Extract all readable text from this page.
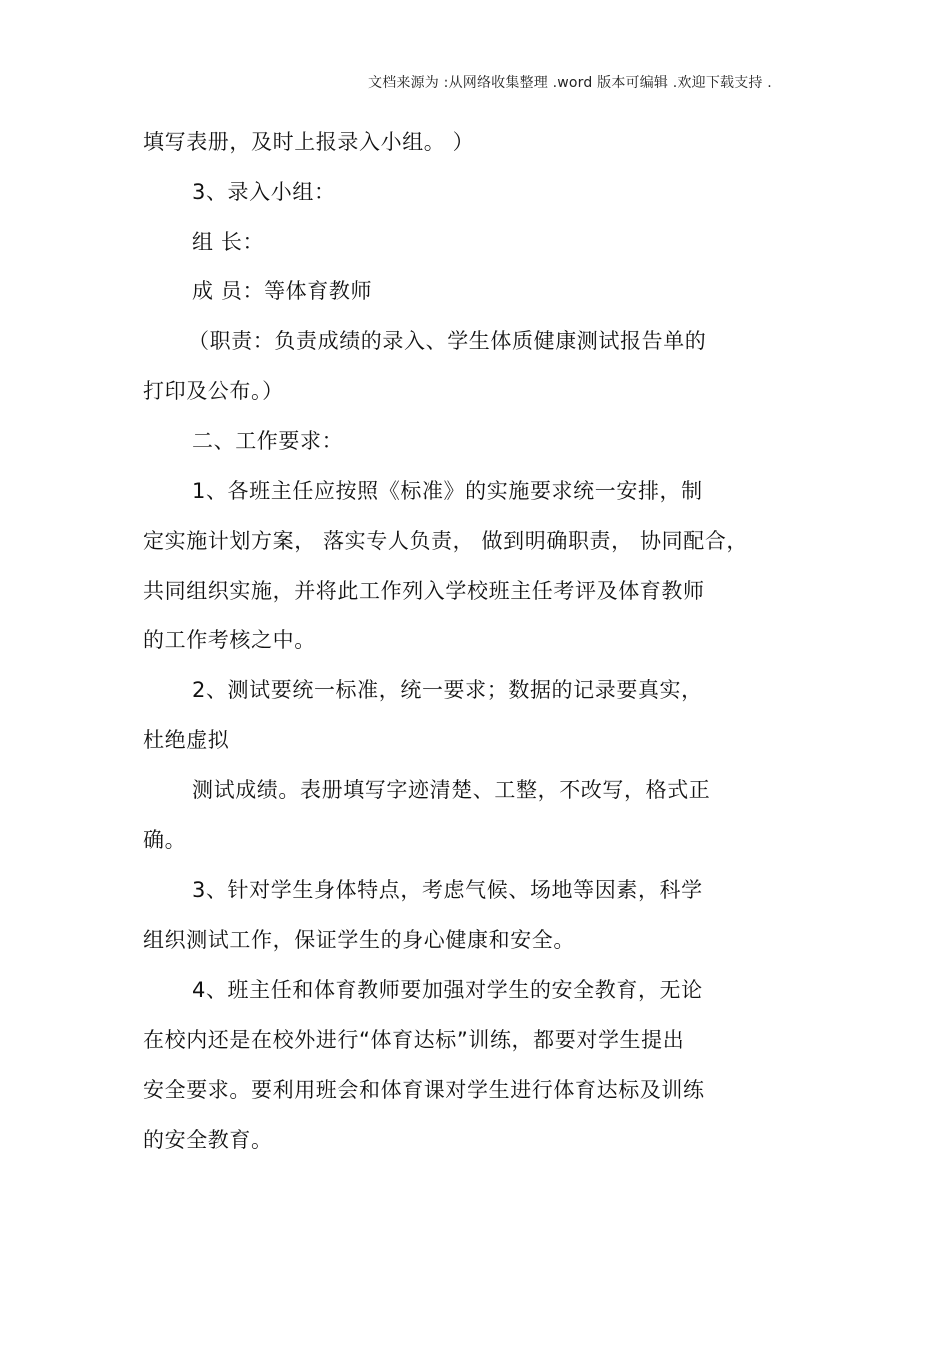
文档来源为 :从网络收集整理 .word 版本可编辑 .欢迎下载支持 .
填写表册，及时上报录入小组。 ）
3、录入小组：
组 长：
成 员：等体育教师
（职责：负责成绩的录入、学生体质健康测试报告单的
打印及公布。）
二、工作要求：
1、各班主任应按照《标准》的实施要求统一安排，制
定实施计划方案， 落实专人负责， 做到明确职责， 协同配合，
共同组织实施，并将此工作列入学校班主任考评及体育教师
的工作考核之中。
2、测试要统一标准，统一要求；数据的记录要真实，
杜绝虚拟
测试成绩。表册填写字迹清楚、工整，不改写，格式正
确。
3、针对学生身体特点，考虑气候、场地等因素，科学
组织测试工作，保证学生的身心健康和安全。
4、班主任和体育教师要加强对学生的安全教育，无论
在校内还是在校外进行“体育达标”训练，都要对学生提出
安全要求。要利用班会和体育课对学生进行体育达标及训练
的安全教育。
